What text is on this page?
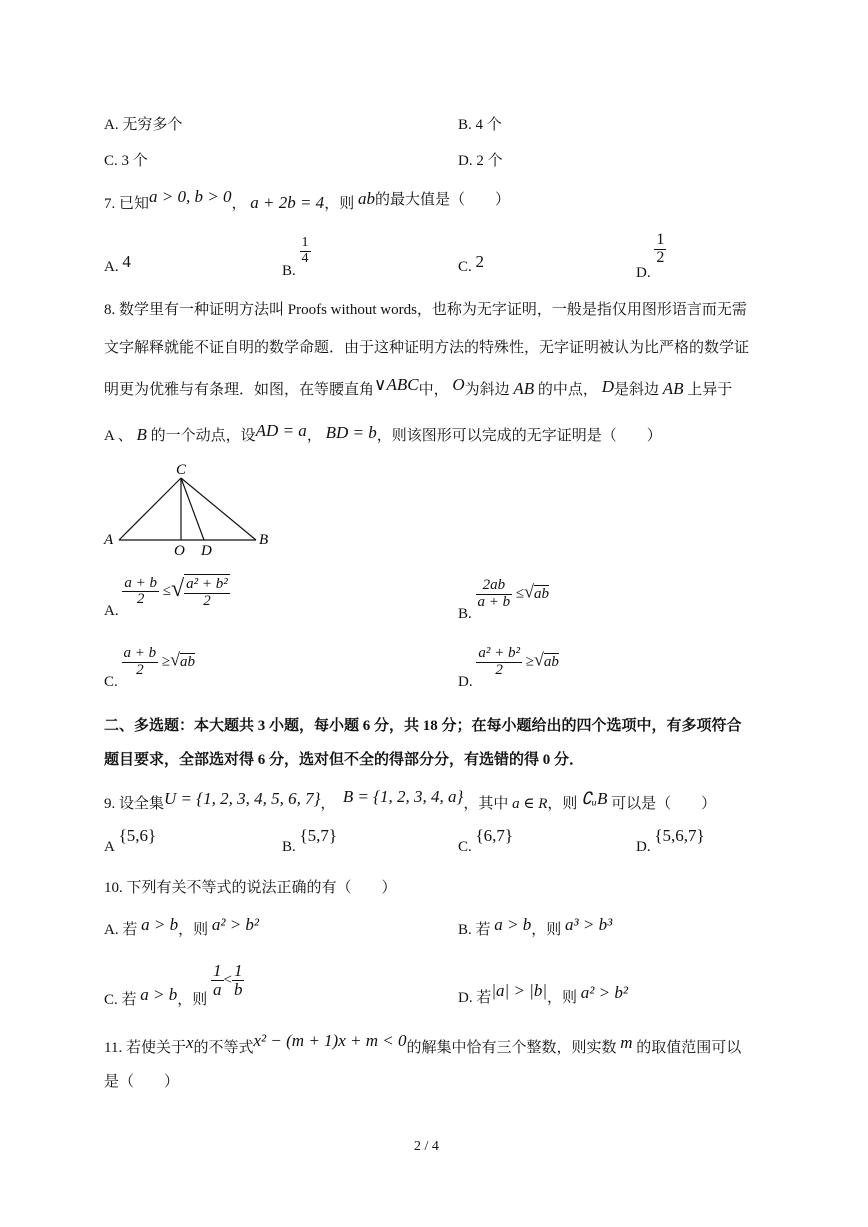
A. 无穷多个	B. 4 个
C. 3 个	D. 2 个
7. 已知a > 0, b > 0， a + 2b = 4，则 ab的最大值是（　　）
A. 4	B.
$\frac{1}{4}$
C. 2
D.
$\frac{1}{2}$
8. 数学里有一种证明方法叫 Proofs without words，也称为无字证明，一般是指仅用图形语言而无需
文字解释就能不证自明的数学命题．由于这种证明方法的特殊性，无字证明被认为比严格的数学证
明更为优雅与有条理．如图，在等腰直角∨ABC中， O为斜边 AB 的中点， D是斜边 AB 上异于
A 、 B 的一个动点，设AD = a， BD = b，则该图形可以完成的无字证明是（　　）
C
A
O D
B
A.
$\frac{a + b}{2}$ ≤√ $\frac{\text{a² + b²}}{2}$
B.
$\frac{2ab}{a + b} \le√ab$
C.
$\frac{a + b}{2} \ge√ab$
D.
$\frac{\text{a² + b²}}{2} \ge√ab$
二、多选题：本大题共 3 小题，每小题 6 分，共 18 分；在每小题给出的四个选项中，有多项符合
题目要求，全部选对得 6 分，选对但不全的得部分分，有选错的得 0 分．
9. 设全集U = {1, 2, 3, 4, 5, 6, 7}， B = {1, 2, 3, 4, a}，其中 a ∈ R，则 ∁ᵤB 可以是（　　）
A {5,6}
B. {5,7}
C. {6,7}
D. {5,6,7}
10. 下列有关不等式的说法正确的有（　　）
A. 若 a > b，则 a² > b²	B. 若 a > b，则 a³ > b³
C. 若 a > b，则
$\frac{1}{a} < \frac{1}{b}$	D. 若|a| > |b|，则 a² > b²
11. 若使关于x的不等式x² − (m + 1)x + m < 0的解集中恰有三个整数，则实数 m 的取值范围可以
是（　　）
2 / 4
